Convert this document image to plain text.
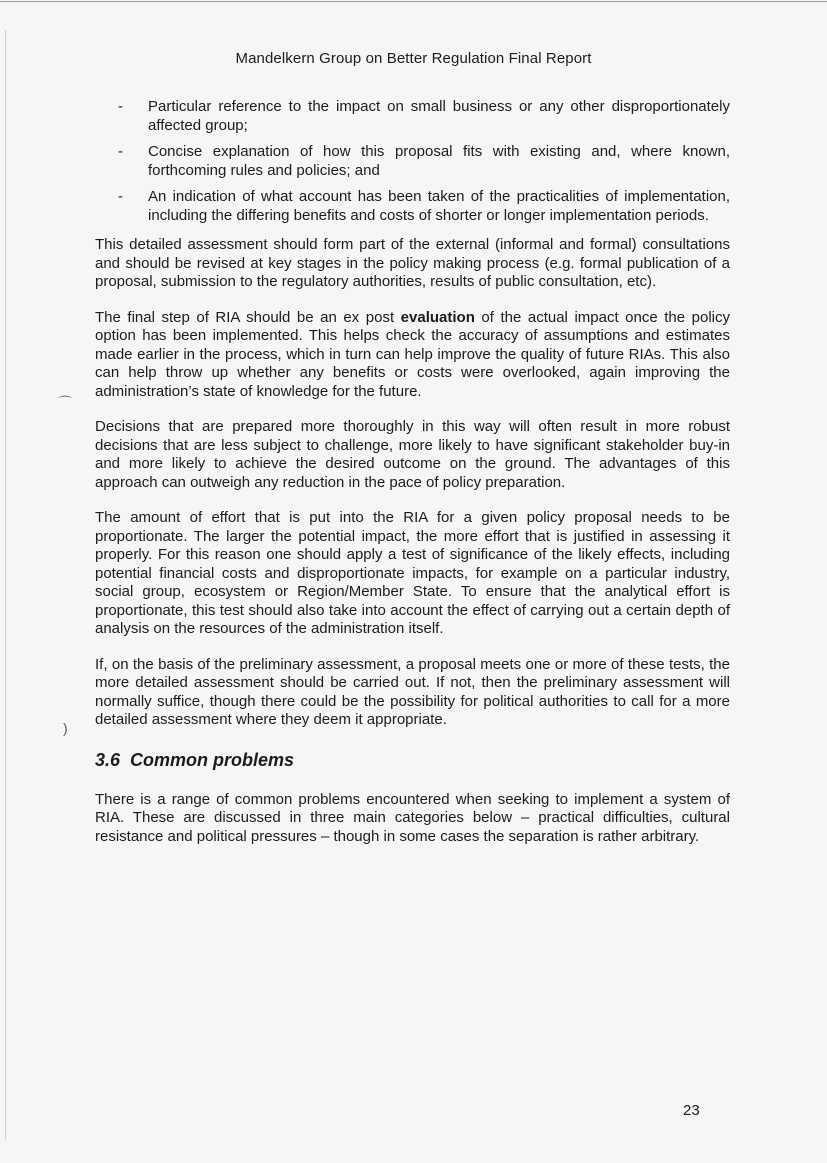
⌒
)
Mandelkern Group on Better Regulation Final Report
- Particular reference to the impact on small business or any other disproportionately affected group;
- Concise explanation of how this proposal fits with existing and, where known, forthcoming rules and policies; and
- An indication of what account has been taken of the practicalities of implementation, including the differing benefits and costs of shorter or longer implementation periods.

This detailed assessment should form part of the external (informal and formal) consultations and should be revised at key stages in the policy making process (e.g. formal publication of a proposal, submission to the regulatory authorities, results of public consultation, etc).

The final step of RIA should be an ex post evaluation of the actual impact once the policy option has been implemented. This helps check the accuracy of assumptions and estimates made earlier in the process, which in turn can help improve the quality of future RIAs. This also can help throw up whether any benefits or costs were overlooked, again improving the administration’s state of knowledge for the future.

Decisions that are prepared more thoroughly in this way will often result in more robust decisions that are less subject to challenge, more likely to have significant stakeholder buy-in and more likely to achieve the desired outcome on the ground. The advantages of this approach can outweigh any reduction in the pace of policy preparation.

The amount of effort that is put into the RIA for a given policy proposal needs to be proportionate. The larger the potential impact, the more effort that is justified in assessing it properly. For this reason one should apply a test of significance of the likely effects, including potential financial costs and disproportionate impacts, for example on a particular industry, social group, ecosystem or Region/Member State. To ensure that the analytical effort is proportionate, this test should also take into account the effect of carrying out a certain depth of analysis on the resources of the administration itself.

If, on the basis of the preliminary assessment, a proposal meets one or more of these tests, the more detailed assessment should be carried out. If not, then the preliminary assessment will normally suffice, though there could be the possibility for political authorities to call for a more detailed assessment where they deem it appropriate.

3.6 Common problems

There is a range of common problems encountered when seeking to implement a system of RIA. These are discussed in three main categories below – practical difficulties, cultural resistance and political pressures – though in some cases the separation is rather arbitrary.

23
